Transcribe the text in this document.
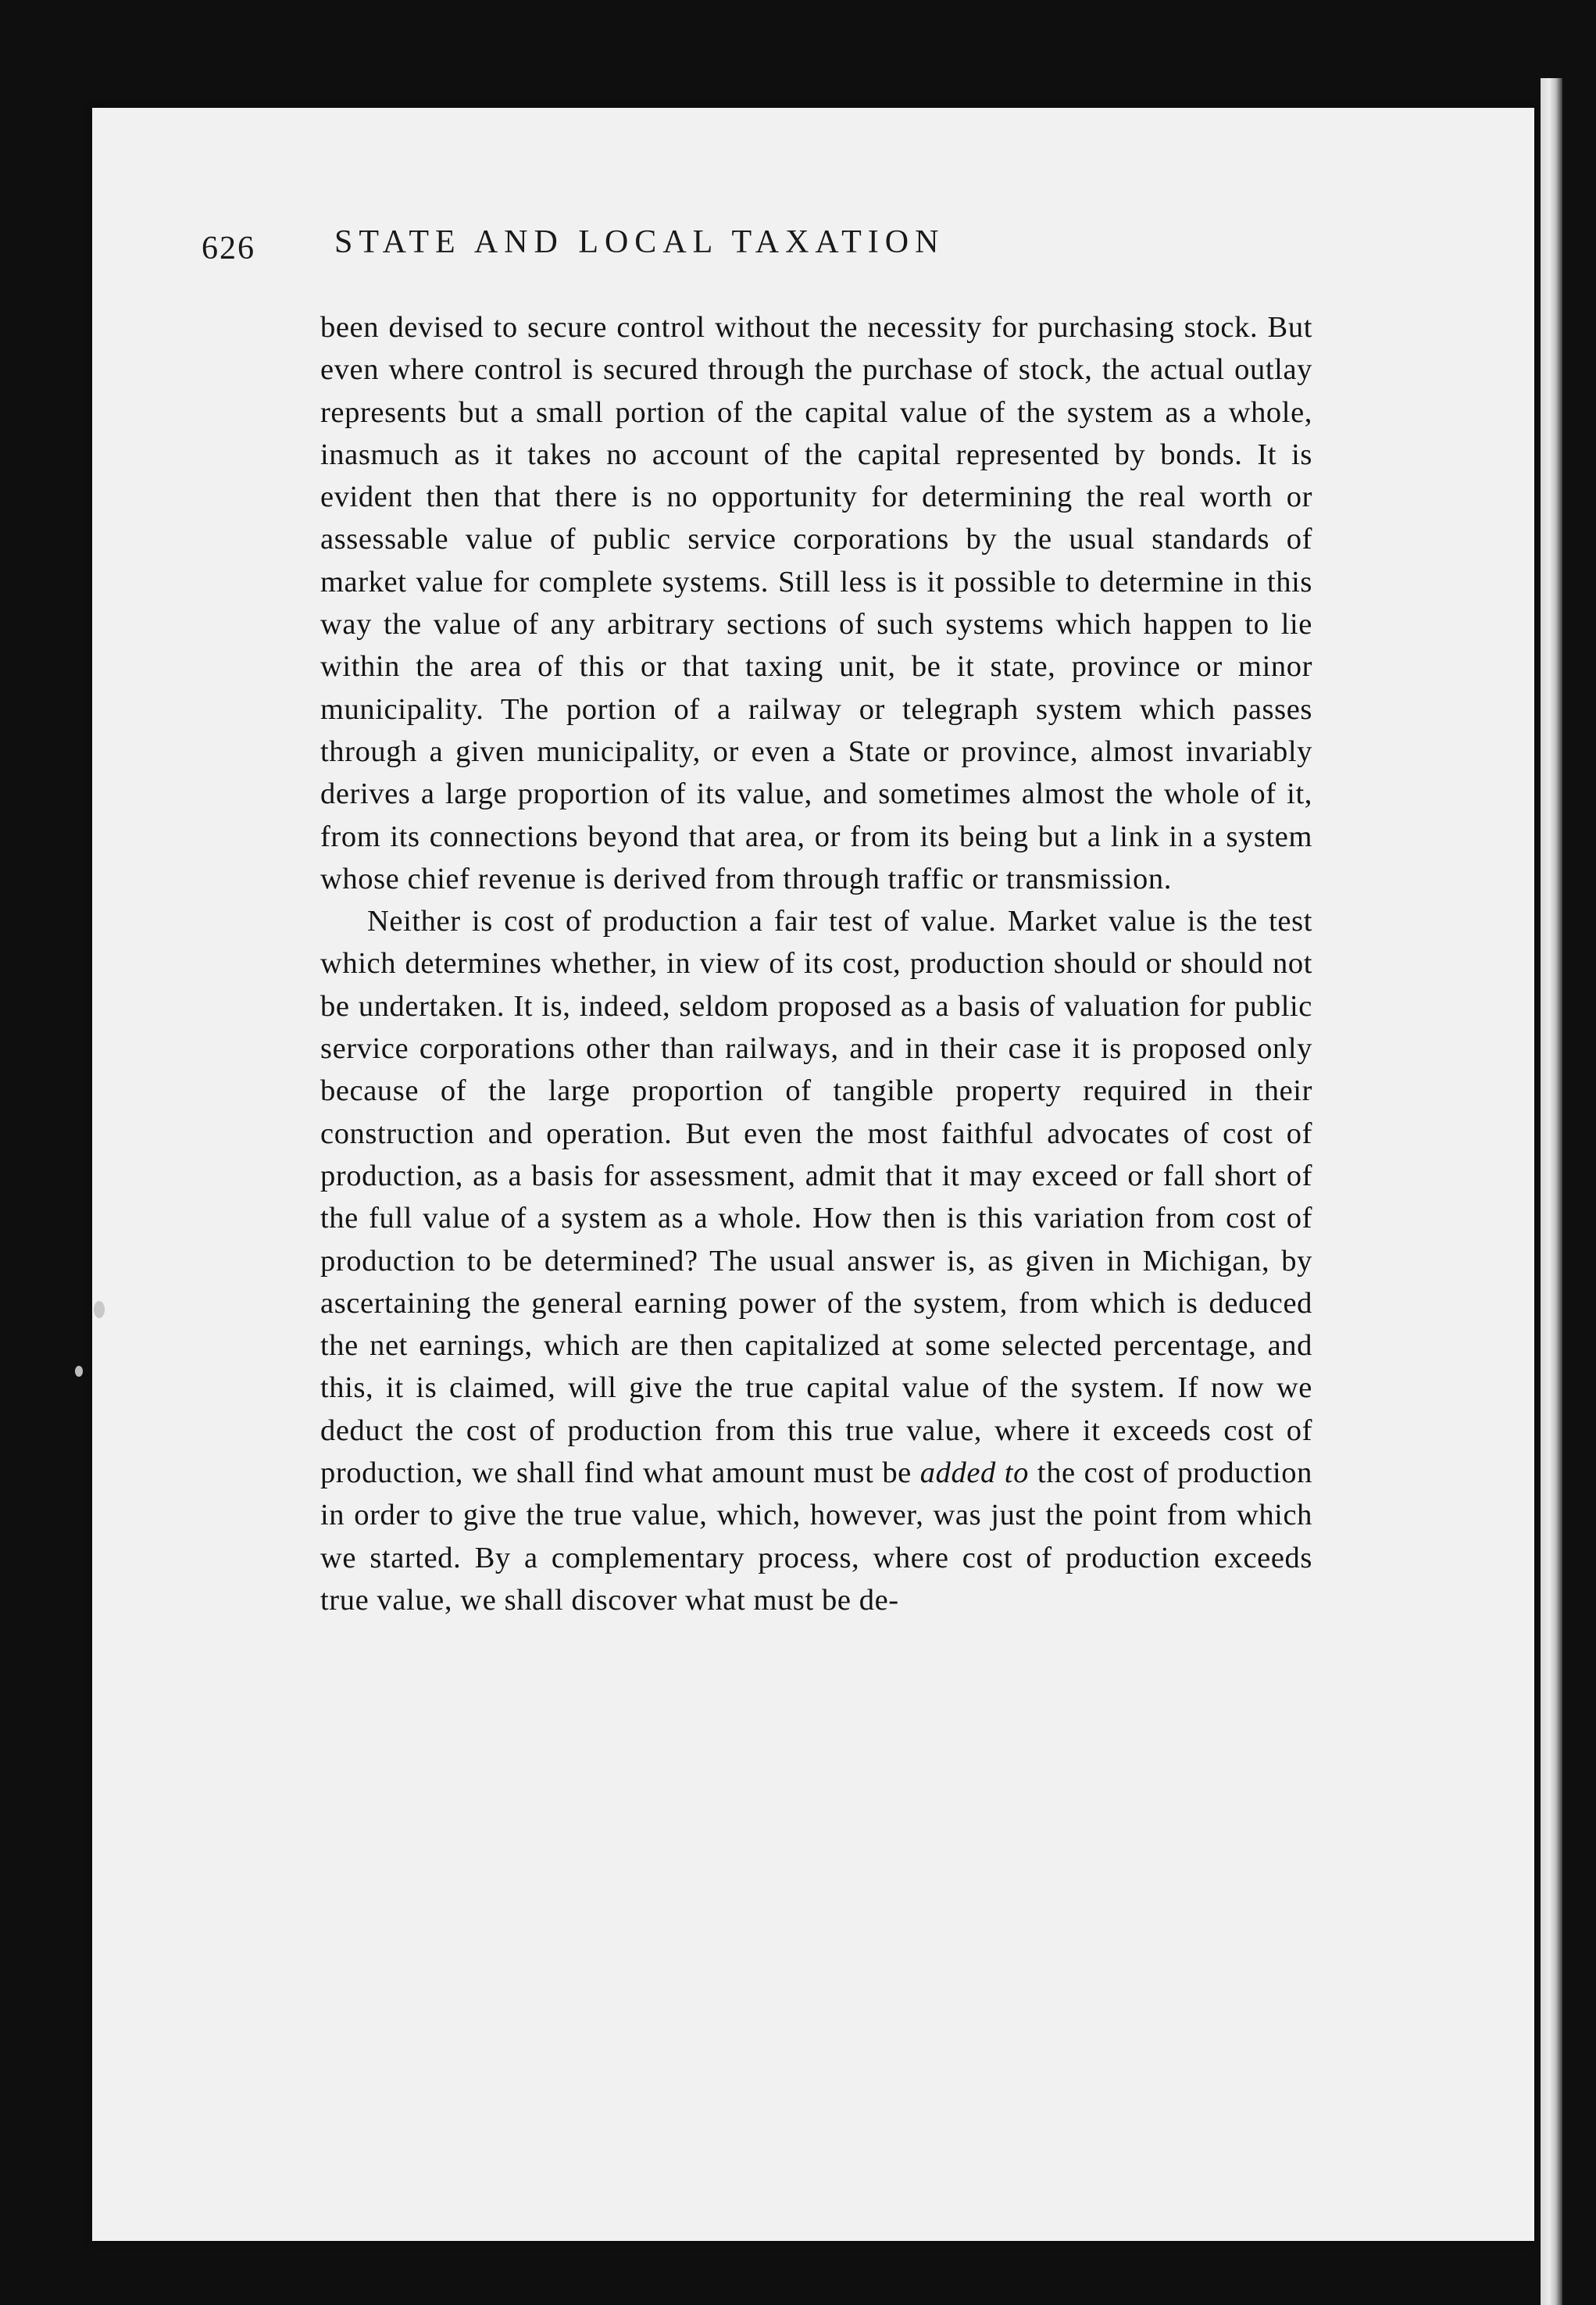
626 STATE AND LOCAL TAXATION

been devised to secure control without the necessity for purchasing stock. But even where control is secured through the purchase of stock, the actual outlay represents but a small portion of the capital value of the system as a whole, inasmuch as it takes no account of the capital represented by bonds. It is evident then that there is no opportunity for determining the real worth or assessable value of public service corporations by the usual standards of market value for complete systems. Still less is it possible to determine in this way the value of any arbitrary sections of such systems which happen to lie within the area of this or that taxing unit, be it state, province or minor municipality. The portion of a railway or telegraph system which passes through a given municipality, or even a State or province, almost invariably derives a large proportion of its value, and sometimes almost the whole of it, from its connections beyond that area, or from its being but a link in a system whose chief revenue is derived from through traffic or transmission.

Neither is cost of production a fair test of value. Market value is the test which determines whether, in view of its cost, production should or should not be undertaken. It is, indeed, seldom proposed as a basis of valuation for public service corporations other than railways, and in their case it is proposed only because of the large proportion of tangible property required in their construction and operation. But even the most faithful advocates of cost of production, as a basis for assessment, admit that it may exceed or fall short of the full value of a system as a whole. How then is this variation from cost of production to be determined? The usual answer is, as given in Michigan, by ascertaining the general earning power of the system, from which is deduced the net earnings, which are then capitalized at some selected percentage, and this, it is claimed, will give the true capital value of the system. If now we deduct the cost of production from this true value, where it exceeds cost of production, we shall find what amount must be added to the cost of production in order to give the true value, which, however, was just the point from which we started. By a complementary process, where cost of production exceeds true value, we shall discover what must be de-
